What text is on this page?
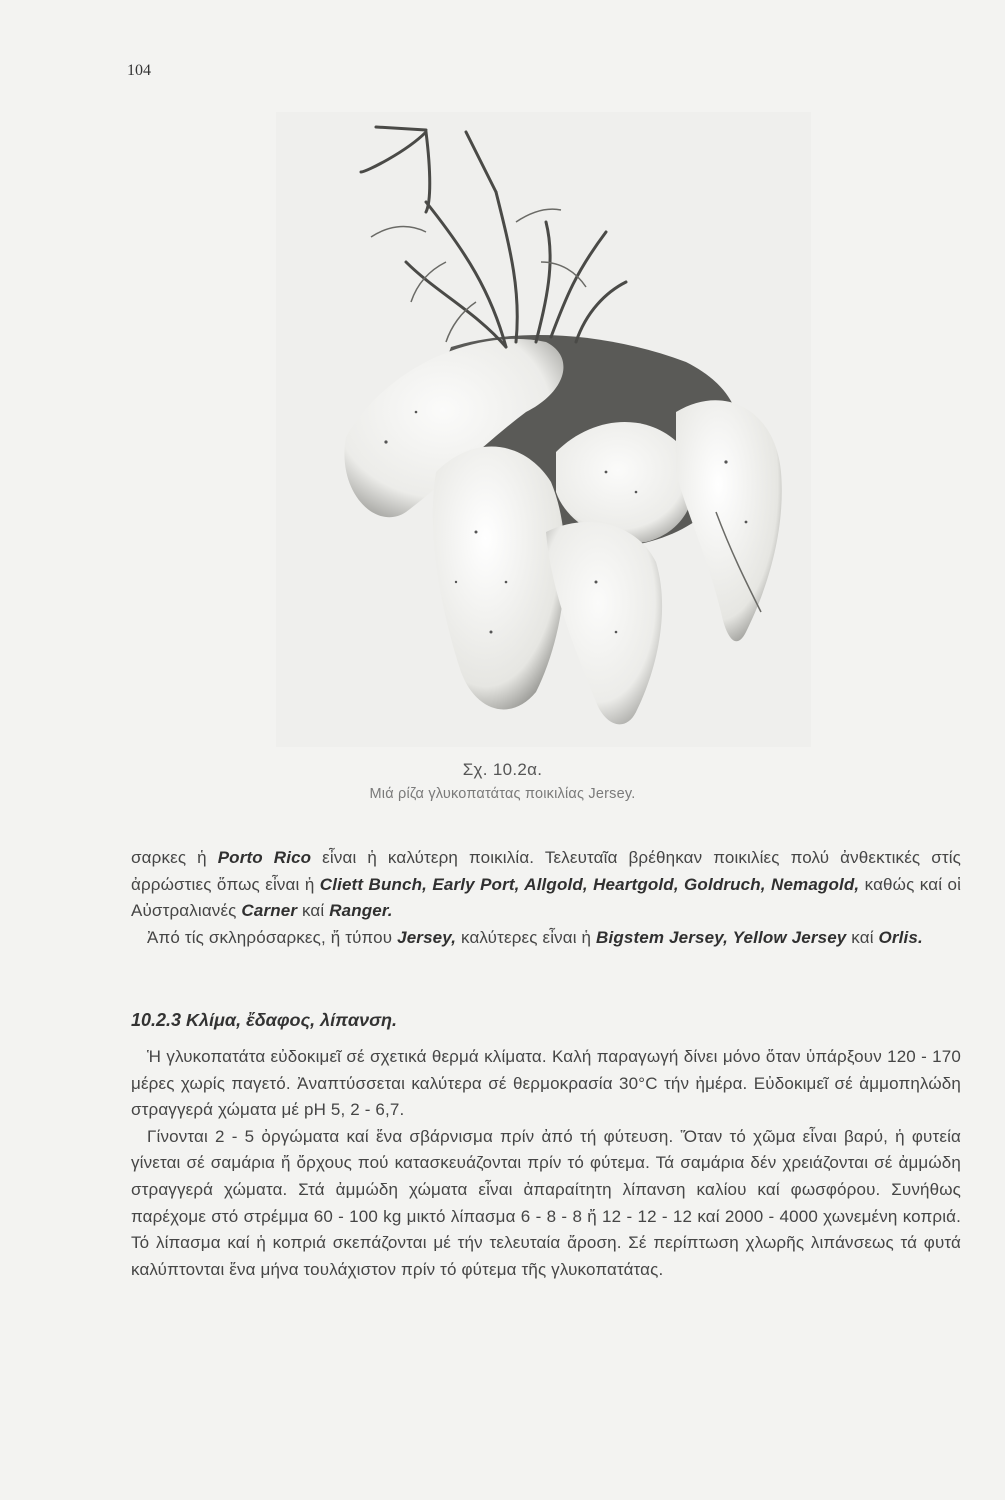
104
Σχ. 10.2α.
Μιά ρίζα γλυκοπατάτας ποικιλίας Jersey.

σαρκες ἡ Porto Rico εἶναι ἡ καλύτερη ποικιλία. Τελευταῖα βρέθηκαν ποικιλίες πολύ ἀνθεκτικές στίς ἀρρώστιες ὅπως εἶναι ἡ Cliett Bunch, Early Port, Allgold, Heartgold, Goldruch, Nemagold, καθώς καί οἱ Αὐστραλιανές Carner καί Ranger.

Ἀπό τίς σκληρόσαρκες, ἤ τύπου Jersey, καλύτερες εἶναι ἡ Bigstem Jersey, Yellow Jersey καί Orlis.

10.2.3 Κλίμα, ἔδαφος, λίπανση.

Ἡ γλυκοπατάτα εὐδοκιμεῖ σέ σχετικά θερμά κλίματα. Καλή παραγωγή δίνει μόνο ὅταν ὑπάρξουν 120 - 170 μέρες χωρίς παγετό. Ἀναπτύσσεται καλύτερα σέ θερμοκρασία 30°C τήν ἡμέρα. Εὐδοκιμεῖ σέ ἀμμοπηλώδη στραγγερά χώματα μέ pH 5, 2 - 6,7.

Γίνονται 2 - 5 ὀργώματα καί ἕνα σβάρνισμα πρίν ἀπό τή φύτευση. Ὅταν τό χῶμα εἶναι βαρύ, ἡ φυτεία γίνεται σέ σαμάρια ἤ ὄρχους πού κατασκευάζονται πρίν τό φύτεμα. Τά σαμάρια δέν χρειάζονται σέ ἀμμώδη στραγγερά χώματα. Στά ἀμμώδη χώματα εἶναι ἀπαραίτητη λίπανση καλίου καί φωσφόρου. Συνήθως παρέχομε στό στρέμμα 60 - 100 kg μικτό λίπασμα 6 - 8 - 8 ἤ 12 - 12 - 12 καί 2000 - 4000 χωνεμένη κοπριά. Τό λίπασμα καί ἡ κοπριά σκεπάζονται μέ τήν τελευταία ἄροση. Σέ περίπτωση χλωρῆς λιπάνσεως τά φυτά καλύπτονται ἕνα μήνα τουλάχιστον πρίν τό φύτεμα τῆς γλυκοπατάτας.
